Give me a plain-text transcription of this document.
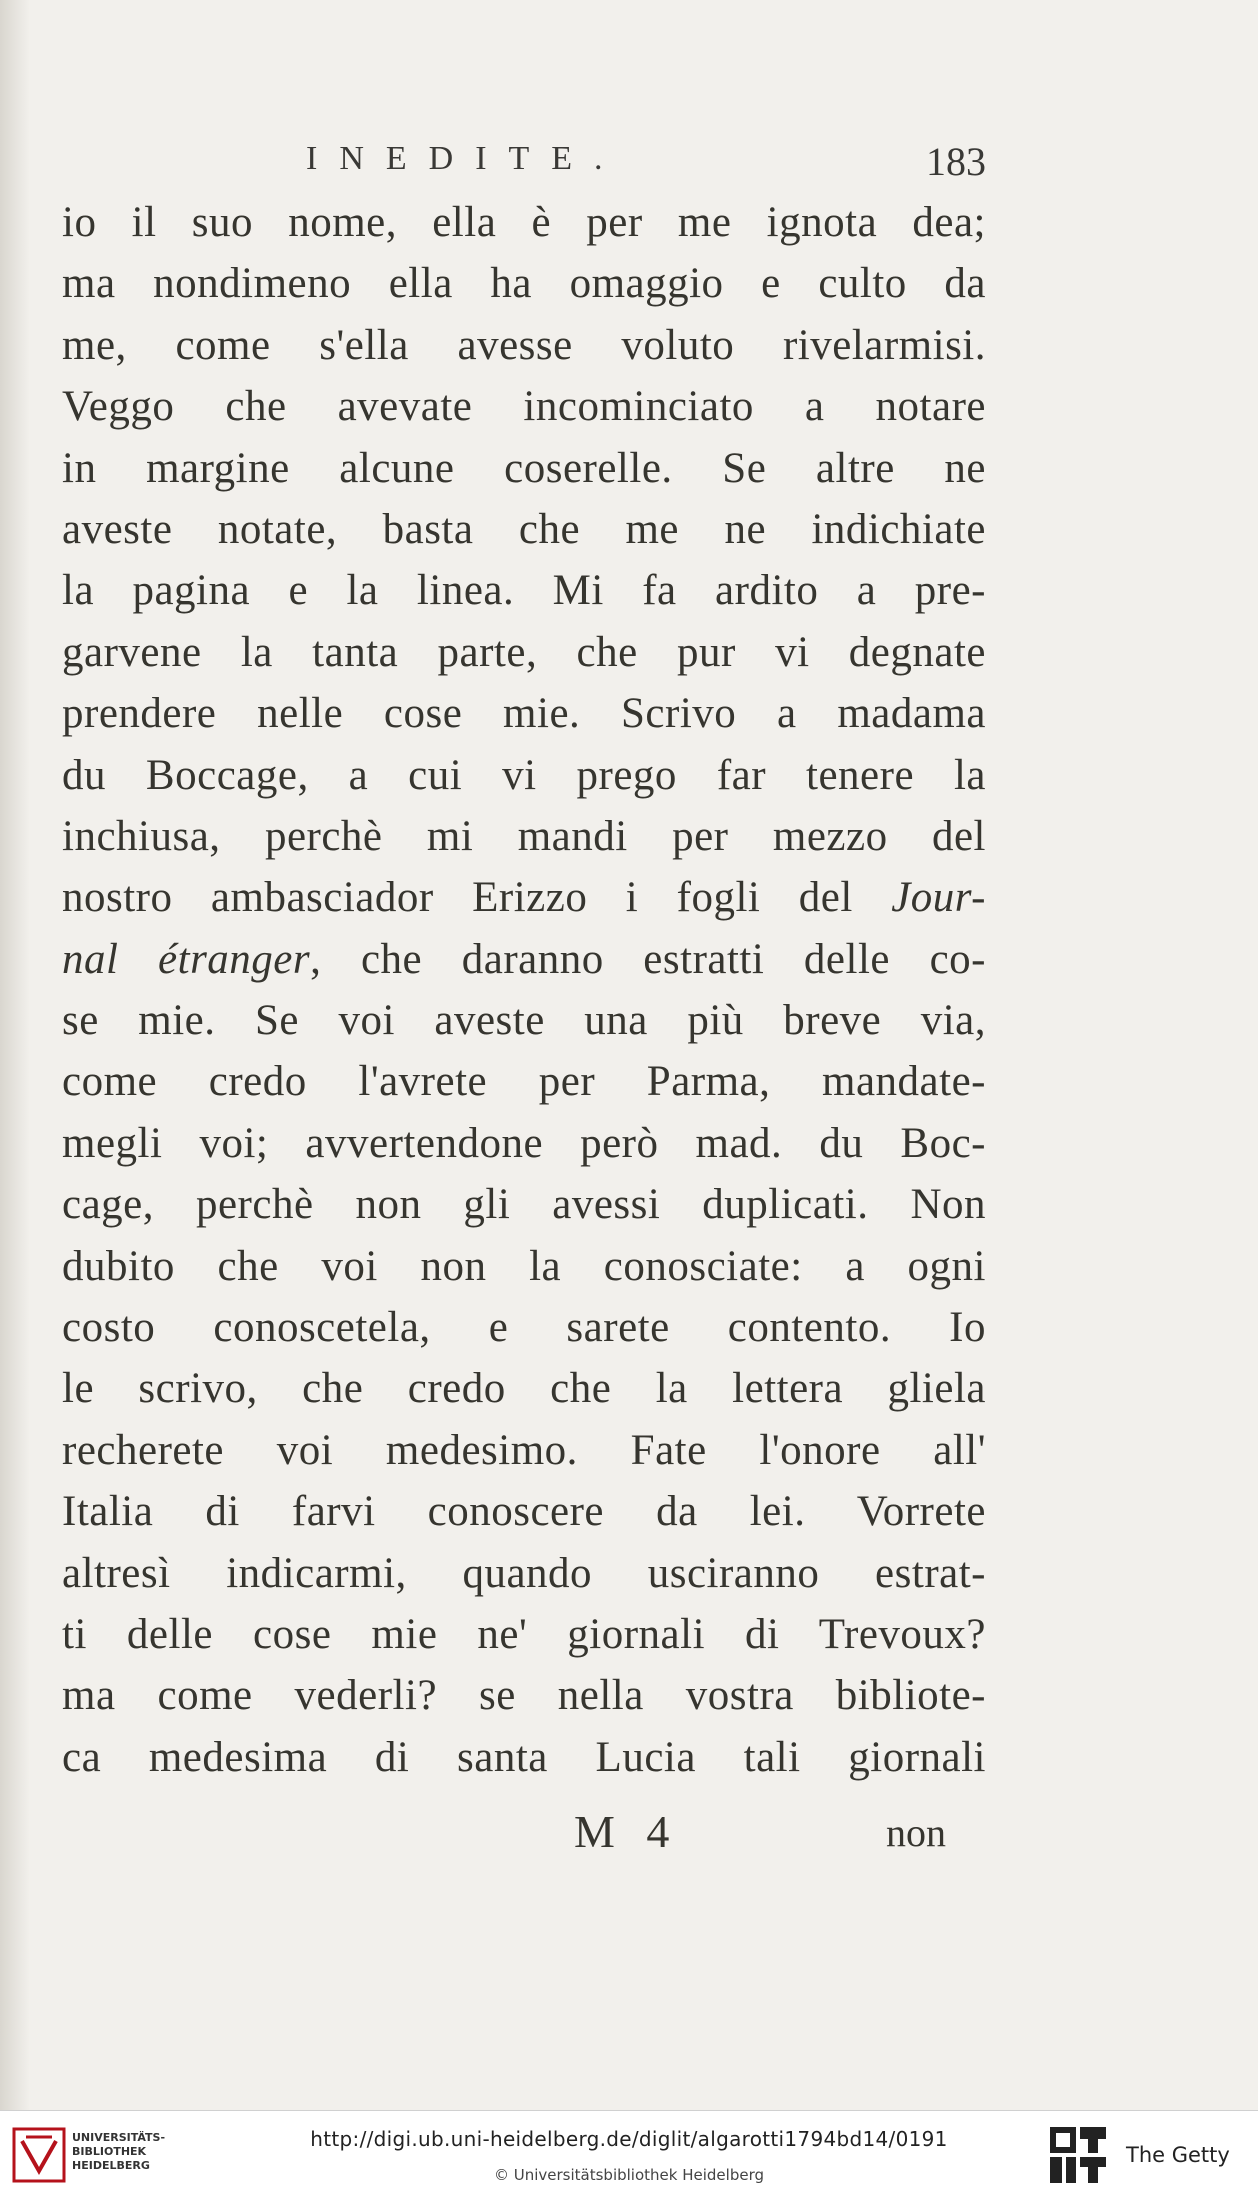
INEDITE.	183
io il suo nome, ella è per me ignota dea;
ma nondimeno ella ha omaggio e culto da
me, come s'ella avesse voluto rivelarmisi.
Veggo che avevate incominciato a notare
in margine alcune coserelle. Se altre ne
aveste notate, basta che me ne indichiate
la pagina e la linea. Mi fa ardito a pre-
garvene la tanta parte, che pur vi degnate
prendere nelle cose mie. Scrivo a madama
du Boccage, a cui vi prego far tenere la
inchiusa, perchè mi mandi per mezzo del
nostro ambasciador Erizzo i fogli del Jour-
nal étranger, che daranno estratti delle co-
se mie. Se voi aveste una più breve via,
come credo l'avrete per Parma, mandate-
megli voi; avvertendone però mad. du Boc-
cage, perchè non gli avessi duplicati. Non
dubito che voi non la conosciate: a ogni
costo conoscetela, e sarete contento. Io
le scrivo, che credo che la lettera gliela
recherete voi medesimo. Fate l'onore all'
Italia di farvi conoscere da lei. Vorrete
altresì indicarmi, quando usciranno estrat-
ti delle cose mie ne' giornali di Trevoux?
ma come vederli? se nella vostra bibliote-
ca medesima di santa Lucia tali giornali
M 4	non
UNIVERSITÄTS-
BIBLIOTHEK
HEIDELBERG
http://digi.ub.uni-heidelberg.de/diglit/algarotti1794bd14/0191
© Universitätsbibliothek Heidelberg
The Getty
